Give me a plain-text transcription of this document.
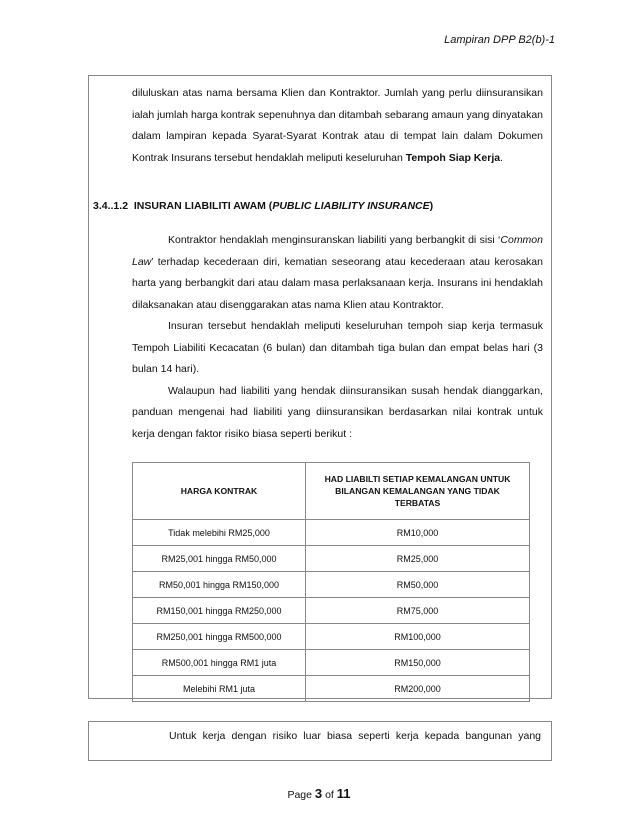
Lampiran DPP B2(b)-1

diluluskan atas nama bersama Klien dan Kontraktor. Jumlah yang perlu diinsuransikan ialah jumlah harga kontrak sepenuhnya dan ditambah sebarang amaun yang dinyatakan dalam lampiran kepada Syarat-Syarat Kontrak atau di tempat lain dalam Dokumen Kontrak Insurans tersebut hendaklah meliputi keseluruhan Tempoh Siap Kerja.

3.4..1.2 INSURAN LIABILITI AWAM (PUBLIC LIABILITY INSURANCE)

Kontraktor hendaklah menginsuranskan liabiliti yang berbangkit di sisi ‘Common Law’ terhadap kecederaan diri, kematian seseorang atau kecederaan atau kerosakan harta yang berbangkit dari atau dalam masa perlaksanaan kerja. Insurans ini hendaklah dilaksanakan atau disenggarakan atas nama Klien atau Kontraktor.

Insuran tersebut hendaklah meliputi keseluruhan tempoh siap kerja termasuk Tempoh Liabiliti Kecacatan (6 bulan) dan ditambah tiga bulan dan empat belas hari (3 bulan 14 hari).

Walaupun had liabiliti yang hendak diinsuransikan susah hendak dianggarkan, panduan mengenai had liabiliti yang diinsuransikan berdasarkan nilai kontrak untuk kerja dengan faktor risiko biasa seperti berikut :

HARGA KONTRAK	HAD LIABILTI SETIAP KEMALANGAN UNTUK BILANGAN KEMALANGAN YANG TIDAK TERBATAS
Tidak melebihi RM25,000	RM10,000
RM25,001 hingga RM50,000	RM25,000
RM50,001 hingga RM150,000	RM50,000
RM150,001 hingga RM250,000	RM75,000
RM250,001 hingga RM500,000	RM100,000
RM500,001 hingga RM1 juta	RM150,000
Melebihi RM1 juta	RM200,000
Untuk kerja dengan risiko luar biasa seperti kerja kepada bangunan yang
Page 3 of 11
